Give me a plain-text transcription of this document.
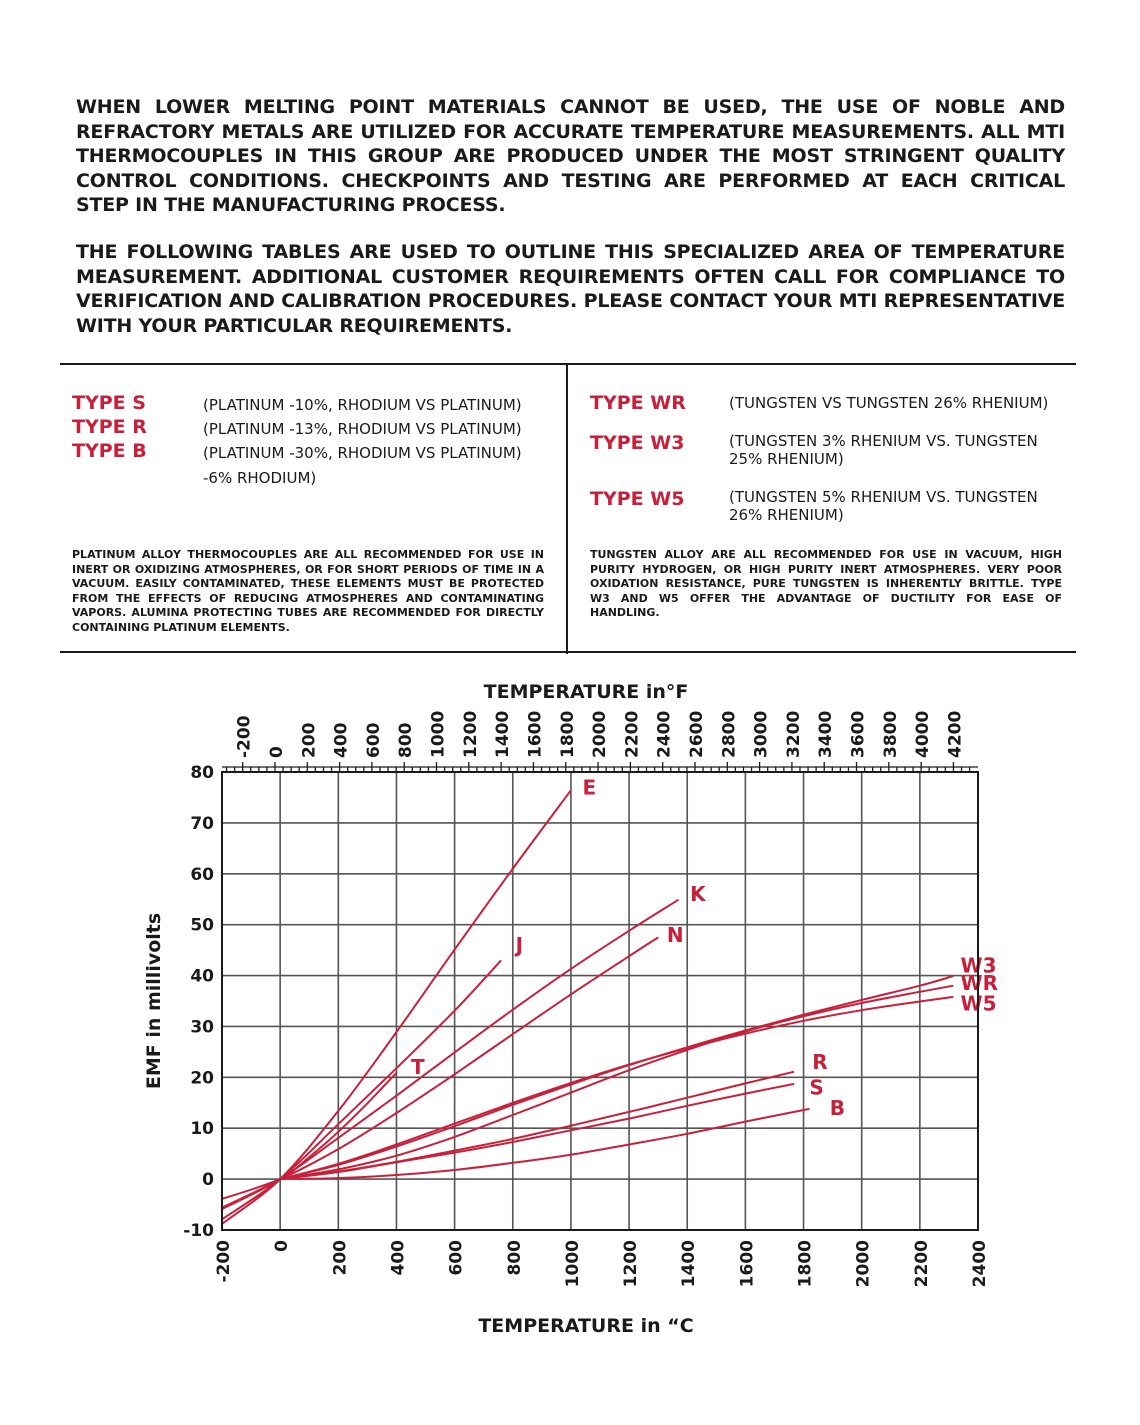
WHEN LOWER MELTING POINT MATERIALS CANNOT BE USED, THE USE OF NOBLE AND REFRACTORY METALS ARE UTILIZED FOR ACCURATE TEMPERATURE MEASUREMENTS. ALL MTI THERMOCOUPLES IN THIS GROUP ARE PRODUCED UNDER THE MOST STRINGENT QUALITY CONTROL CONDITIONS. CHECKPOINTS AND TESTING ARE PERFORMED AT EACH CRITICAL STEP IN THE MANUFACTURING PROCESS.

THE FOLLOWING TABLES ARE USED TO OUTLINE THIS SPECIALIZED AREA OF TEMPERATURE MEASUREMENT. ADDITIONAL CUSTOMER REQUIREMENTS OFTEN CALL FOR COMPLIANCE TO VERIFICATION AND CALIBRATION PROCEDURES. PLEASE CONTACT YOUR MTI REPRESENTATIVE WITH YOUR PARTICULAR REQUIREMENTS.

TYPE S
TYPE R
TYPE B
(PLATINUM -10%, RHODIUM VS PLATINUM)
(PLATINUM -13%, RHODIUM VS PLATINUM)
(PLATINUM -30%, RHODIUM VS PLATINUM)
-6% RHODIUM)

PLATINUM ALLOY THERMOCOUPLES ARE ALL RECOMMENDED FOR USE IN INERT OR OXIDIZING ATMOSPHERES, OR FOR SHORT PERIODS OF TIME IN A VACUUM. EASILY CONTAMINATED, THESE ELEMENTS MUST BE PROTECTED FROM THE EFFECTS OF REDUCING ATMOSPHERES AND CONTAMINATING VAPORS. ALUMINA PROTECTING TUBES ARE RECOMMENDED FOR DIRECTLY CONTAINING PLATINUM ELEMENTS.

TYPE WR
TYPE W3
TYPE W5
(TUNGSTEN VS TUNGSTEN 26% RHENIUM)
(TUNGSTEN 3% RHENIUM VS. TUNGSTEN
25% RHENIUM)
(TUNGSTEN 5% RHENIUM VS. TUNGSTEN
26% RHENIUM)

TUNGSTEN ALLOY ARE ALL RECOMMENDED FOR USE IN VACUUM, HIGH PURITY HYDROGEN, OR HIGH PURITY INERT ATMOSPHERES. VERY POOR OXIDATION RESISTANCE, PURE TUNGSTEN IS INHERENTLY BRITTLE. TYPE W3 AND W5 OFFER THE ADVANTAGE OF DUCTILITY FOR EASE OF HANDLING.

-200 0 200 400 600 800 1000 1200 1400 1600 1800 2000 2200 2400
-10
0
10
20
30
40
50
60
70
80
-200 0 200 400 600 800 1000 1200 1400 1600 1800 2000 2200 2400 2600 2800 3000 3200 3400 3600 3800 4000 4200
E
J
T
K
N
W3
WR
W5
R
S
B
TEMPERATURE in°F
TEMPERATURE in “C
EMF in millivolts
